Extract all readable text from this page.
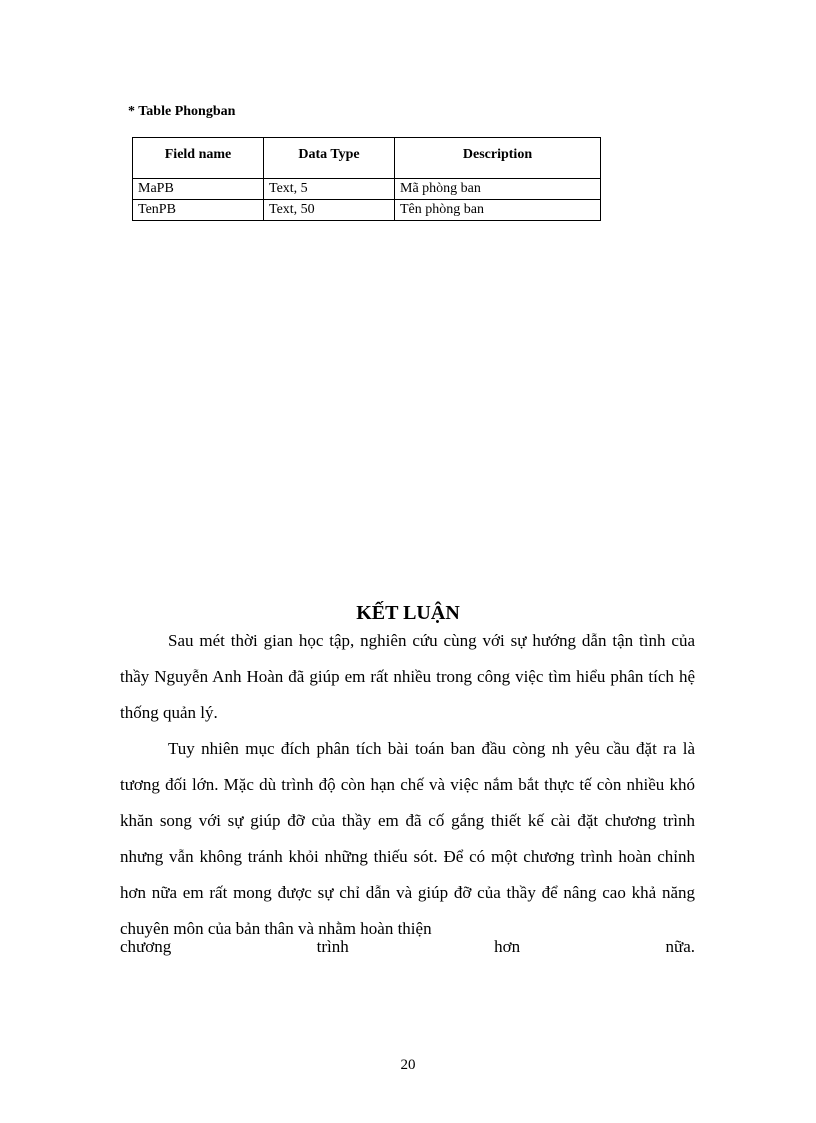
* Table Phongban
Field name	Data Type	Description
MaPB	Text, 5	Mã phòng ban
TenPB	Text, 50	Tên phòng ban
KẾT LUẬN
Sau mét thời gian học tập, nghiên cứu cùng với sự hướng dẫn tận tình của thầy Nguyễn Anh Hoàn đã giúp em rất nhiều trong công việc tìm hiểu phân tích hệ thống quản lý.
Tuy nhiên mục đích phân tích bài toán ban đầu còng nh yêu cầu đặt ra là tương đối lớn. Mặc dù trình độ còn hạn chế và việc nắm bắt thực tế còn nhiều khó khăn song với sự giúp đỡ của thầy em đã cố gắng thiết kế cài đặt chương trình nhưng vẫn không tránh khỏi những thiếu sót. Để có một chương trình hoàn chỉnh hơn nữa em rất mong được sự chỉ dẫn và giúp đỡ của thầy để nâng cao khả năng chuyên môn của bản thân và nhằm hoàn thiện
chương	trình	hơn	nữa.
20
